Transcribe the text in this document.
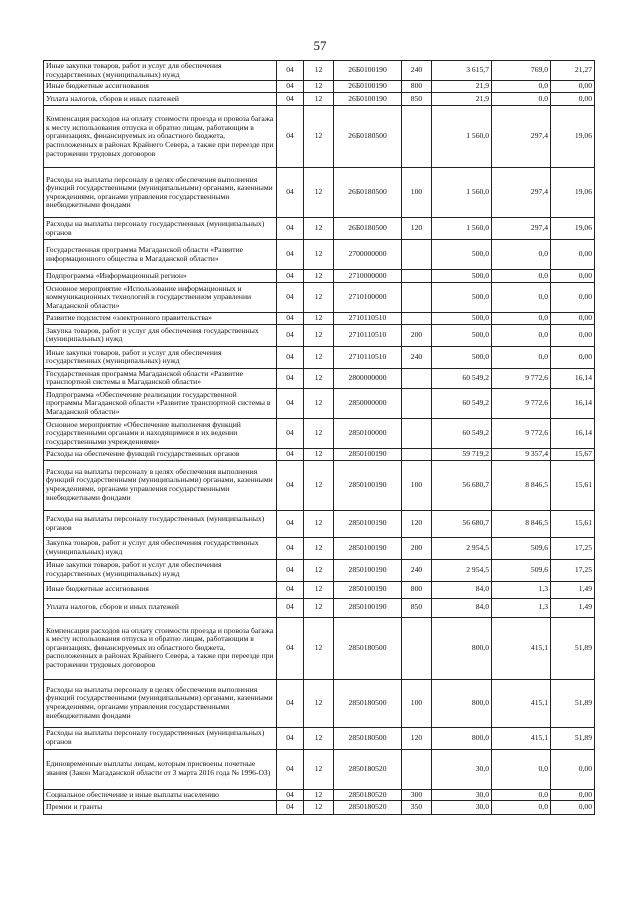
57
Иные закупки товаров, работ и услуг для обеспечения государственных (муниципальных) нужд	04	12	26Б0100190	240	3 615,7	769,0	21,27
Иные бюджетные ассигнования	04	12	26Б0100190	800	21,9	0,0	0,00
Уплата налогов, сборов и иных платежей	04	12	26Б0100190	850	21,9	0,0	0,00
Компенсация расходов на оплату стоимости проезда и провоза багажа к месту использования отпуска и обратно лицам, работающим в организациях, финансируемых из областного бюджета, расположенных в районах Крайнего Севера, а также при переезде при расторжении трудовых договоров	04	12	26Б0180500		1 560,0	297,4	19,06
Расходы на выплаты персоналу в целях обеспечения выполнения функций государственными (муниципальными) органами, казенными учреждениями, органами управления государственными внебюджетными фондами	04	12	26Б0180500	100	1 560,0	297,4	19,06
Расходы на выплаты персоналу государственных (муниципальных) органов	04	12	26Б0180500	120	1 560,0	297,4	19,06
Государственная программа Магаданской области «Развитие информационного общества в Магаданской области»	04	12	2700000000		500,0	0,0	0,00
Подпрограмма «Информационный регион»	04	12	2710000000		500,0	0,0	0,00
Основное мероприятие «Использование информационных и коммуникационных технологий в государственном управлении Магаданской области»	04	12	2710100000		500,0	0,0	0,00
Развитие подсистем «электронного правительства»	04	12	2710110510		500,0	0,0	0,00
Закупка товаров, работ и услуг для обеспечения государственных (муниципальных) нужд	04	12	2710110510	200	500,0	0,0	0,00
Иные закупки товаров, работ и услуг для обеспечения государственных (муниципальных) нужд	04	12	2710110510	240	500,0	0,0	0,00
Государственная программа Магаданской области «Развитие транспортной системы в Магаданской области»	04	12	2800000000		60 549,2	9 772,6	16,14
Подпрограмма «Обеспечение реализации государственной программы Магаданской области «Развитие транспортной системы в Магаданской области»	04	12	2850000000		60 549,2	9 772,6	16,14
Основное мероприятие «Обеспечение выполнения функций государственными органами и находящимися в их ведении государственными учреждениями»	04	12	2850100000		60 549,2	9 772,6	16,14
Расходы на обеспечение функций государственных органов	04	12	2850100190		59 719,2	9 357,4	15,67
Расходы на выплаты персоналу в целях обеспечения выполнения функций государственными (муниципальными) органами, казенными учреждениями, органами управления государственными внебюджетными фондами	04	12	2850100190	100	56 680,7	8 846,5	15,61
Расходы на выплаты персоналу государственных (муниципальных) органов	04	12	2850100190	120	56 680,7	8 846,5	15,61
Закупка товаров, работ и услуг для обеспечения государственных (муниципальных) нужд	04	12	2850100190	200	2 954,5	509,6	17,25
Иные закупки товаров, работ и услуг для обеспечения государственных (муниципальных) нужд	04	12	2850100190	240	2 954,5	509,6	17,25
Иные бюджетные ассигнования	04	12	2850100190	800	84,0	1,3	1,49
Уплата налогов, сборов и иных платежей	04	12	2850100190	850	84,0	1,3	1,49
Компенсация расходов на оплату стоимости проезда и провоза багажа к месту использования отпуска и обратно лицам, работающим в организациях, финансируемых из областного бюджета, расположенных в районах Крайнего Севера, а также при переезде при расторжении трудовых договоров	04	12	2850180500		800,0	415,1	51,89
Расходы на выплаты персоналу в целях обеспечения выполнения функций государственными (муниципальными) органами, казенными учреждениями, органами управления государственными внебюджетными фондами	04	12	2850180500	100	800,0	415,1	51,89
Расходы на выплаты персоналу государственных (муниципальных) органов	04	12	2850180500	120	800,0	415,1	51,89
Единовременные выплаты лицам, которым присвоены почетные звания (Закон Магаданской области от 3 марта 2016 года № 1996-ОЗ)	04	12	2850180520		30,0	0,0	0,00
Социальное обеспечение и иные выплаты населению	04	12	2850180520	300	30,0	0,0	0,00
Премии и гранты	04	12	2850180520	350	30,0	0,0	0,00
